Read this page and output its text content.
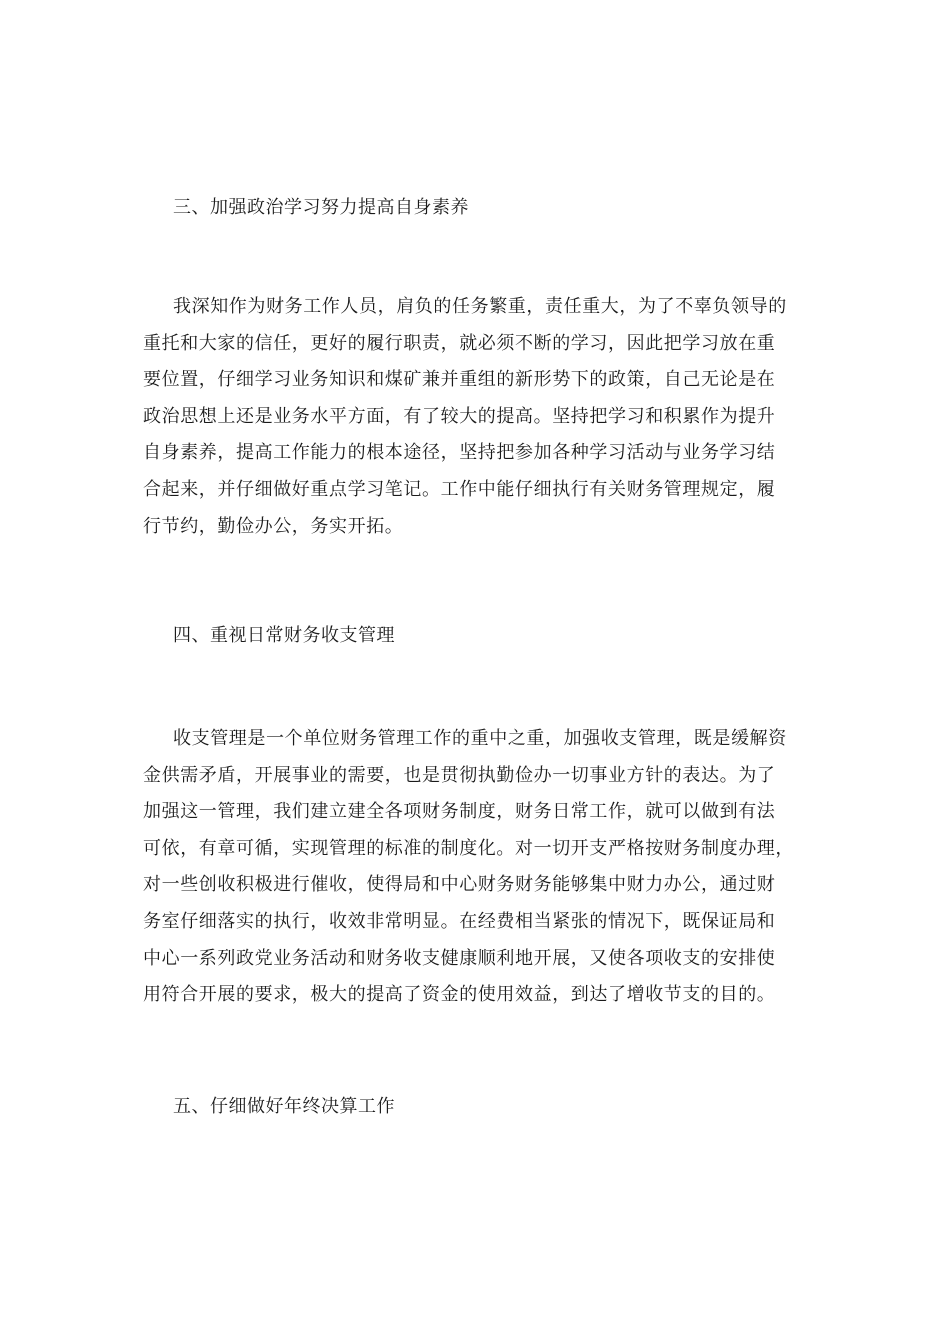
三、加强政治学习努力提高自身素养
我深知作为财务工作人员，肩负的任务繁重，责任重大，为了不辜负领导的
重托和大家的信任，更好的履行职责，就必须不断的学习，因此把学习放在重
要位置，仔细学习业务知识和煤矿兼并重组的新形势下的政策，自己无论是在
政治思想上还是业务水平方面，有了较大的提高。坚持把学习和积累作为提升
自身素养，提高工作能力的根本途径，坚持把参加各种学习活动与业务学习结
合起来，并仔细做好重点学习笔记。工作中能仔细执行有关财务管理规定，履
行节约，勤俭办公，务实开拓。
四、重视日常财务收支管理
收支管理是一个单位财务管理工作的重中之重，加强收支管理，既是缓解资
金供需矛盾，开展事业的需要，也是贯彻执勤俭办一切事业方针的表达。为了
加强这一管理，我们建立建全各项财务制度，财务日常工作，就可以做到有法
可依，有章可循，实现管理的标准的制度化。对一切开支严格按财务制度办理，
对一些创收积极进行催收，使得局和中心财务财务能够集中财力办公，通过财
务室仔细落实的执行，收效非常明显。在经费相当紧张的情况下，既保证局和
中心一系列政党业务活动和财务收支健康顺利地开展，又使各项收支的安排使
用符合开展的要求，极大的提高了资金的使用效益，到达了增收节支的目的。
五、仔细做好年终决算工作
